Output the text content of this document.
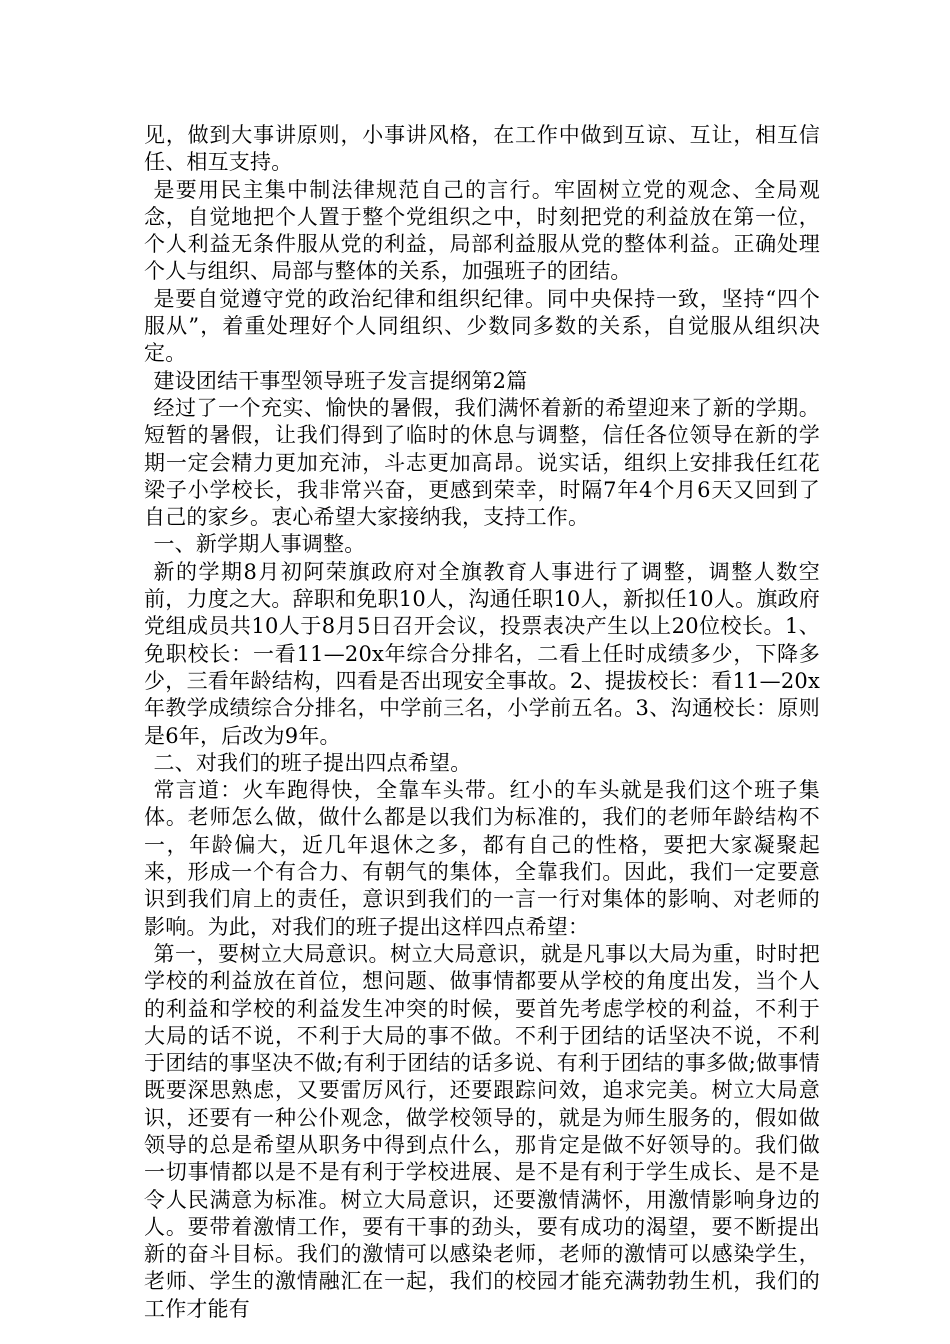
见，做到大事讲原则，小事讲风格，在工作中做到互谅、互让，相互信任、相互支持。

是要用民主集中制法律规范自己的言行。牢固树立党的观念、全局观念，自觉地把个人置于整个党组织之中，时刻把党的利益放在第一位，个人利益无条件服从党的利益，局部利益服从党的整体利益。正确处理个人与组织、局部与整体的关系，加强班子的团结。

是要自觉遵守党的政治纪律和组织纪律。同中央保持一致，坚持“四个服从”，着重处理好个人同组织、少数同多数的关系，自觉服从组织决定。

建设团结干事型领导班子发言提纲第2篇

经过了一个充实、愉快的暑假，我们满怀着新的希望迎来了新的学期。短暂的暑假，让我们得到了临时的休息与调整，信任各位领导在新的学期一定会精力更加充沛，斗志更加高昂。说实话，组织上安排我任红花梁子小学校长，我非常兴奋，更感到荣幸，时隔7年4个月6天又回到了自己的家乡。衷心希望大家接纳我，支持工作。

一、新学期人事调整。

新的学期8月初阿荣旗政府对全旗教育人事进行了调整，调整人数空前，力度之大。辞职和免职10人，沟通任职10人，新拟任10人。旗政府党组成员共10人于8月5日召开会议，投票表决产生以上20位校长。1、免职校长：一看11—20x年综合分排名，二看上任时成绩多少，下降多少，三看年龄结构，四看是否出现安全事故。2、提拔校长：看11—20x年教学成绩综合分排名，中学前三名，小学前五名。3、沟通校长：原则是6年，后改为9年。

二、对我们的班子提出四点希望。

常言道：火车跑得快，全靠车头带。红小的车头就是我们这个班子集体。老师怎么做，做什么都是以我们为标准的，我们的老师年龄结构不一，年龄偏大，近几年退休之多，都有自己的性格，要把大家凝聚起来，形成一个有合力、有朝气的集体，全靠我们。因此，我们一定要意识到我们肩上的责任，意识到我们的一言一行对集体的影响、对老师的影响。为此，对我们的班子提出这样四点希望：

第一，要树立大局意识。树立大局意识，就是凡事以大局为重，时时把学校的利益放在首位，想问题、做事情都要从学校的角度出发，当个人的利益和学校的利益发生冲突的时候，要首先考虑学校的利益，不利于大局的话不说，不利于大局的事不做。不利于团结的话坚决不说，不利于团结的事坚决不做;有利于团结的话多说、有利于团结的事多做;做事情既要深思熟虑，又要雷厉风行，还要跟踪问效，追求完美。树立大局意识，还要有一种公仆观念，做学校领导的，就是为师生服务的，假如做领导的总是希望从职务中得到点什么，那肯定是做不好领导的。我们做一切事情都以是不是有利于学校进展、是不是有利于学生成长、是不是令人民满意为标准。树立大局意识，还要激情满怀，用激情影响身边的人。要带着激情工作，要有干事的劲头，要有成功的渴望，要不断提出新的奋斗目标。我们的激情可以感染老师，老师的激情可以感染学生，老师、学生的激情融汇在一起，我们的校园才能充满勃勃生机，我们的工作才能有
